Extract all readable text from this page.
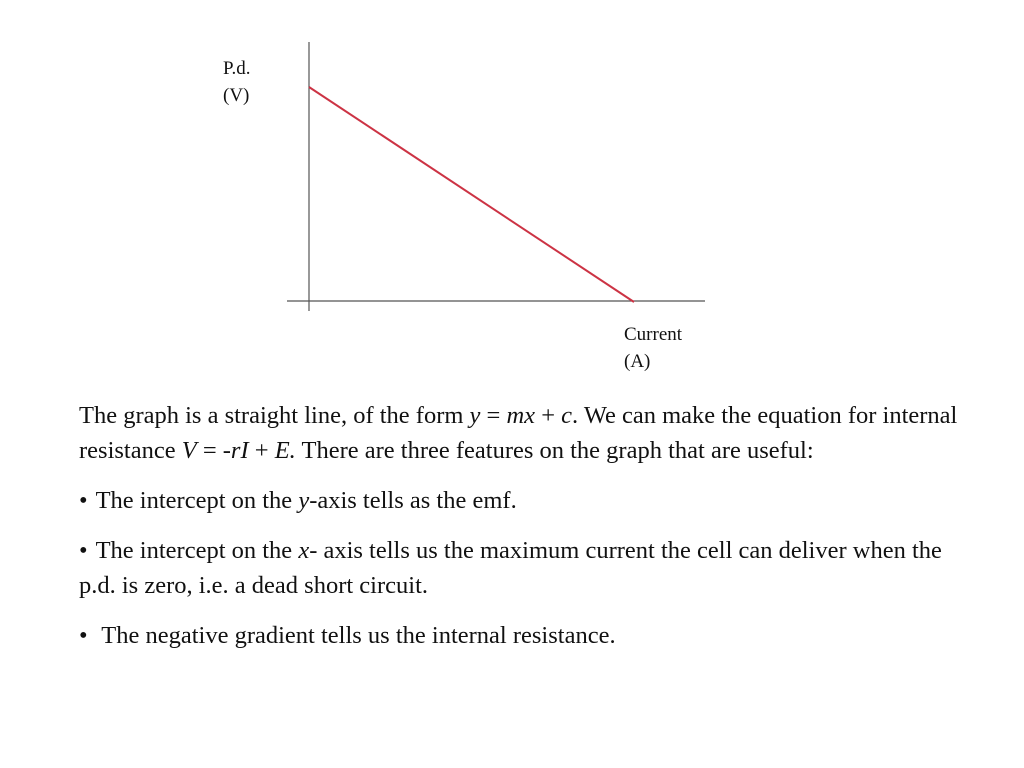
P.d.
(V)
Current
(A)

The graph is a straight line, of the form y = mx + c. We can make the equation for internal resistance V = -rI + E. There are three features on the graph that are useful:

• The intercept on the y-axis tells as the emf.

• The intercept on the x- axis tells us the maximum current the cell can deliver when the p.d. is zero, i.e. a dead short circuit.

• The negative gradient tells us the internal resistance.
